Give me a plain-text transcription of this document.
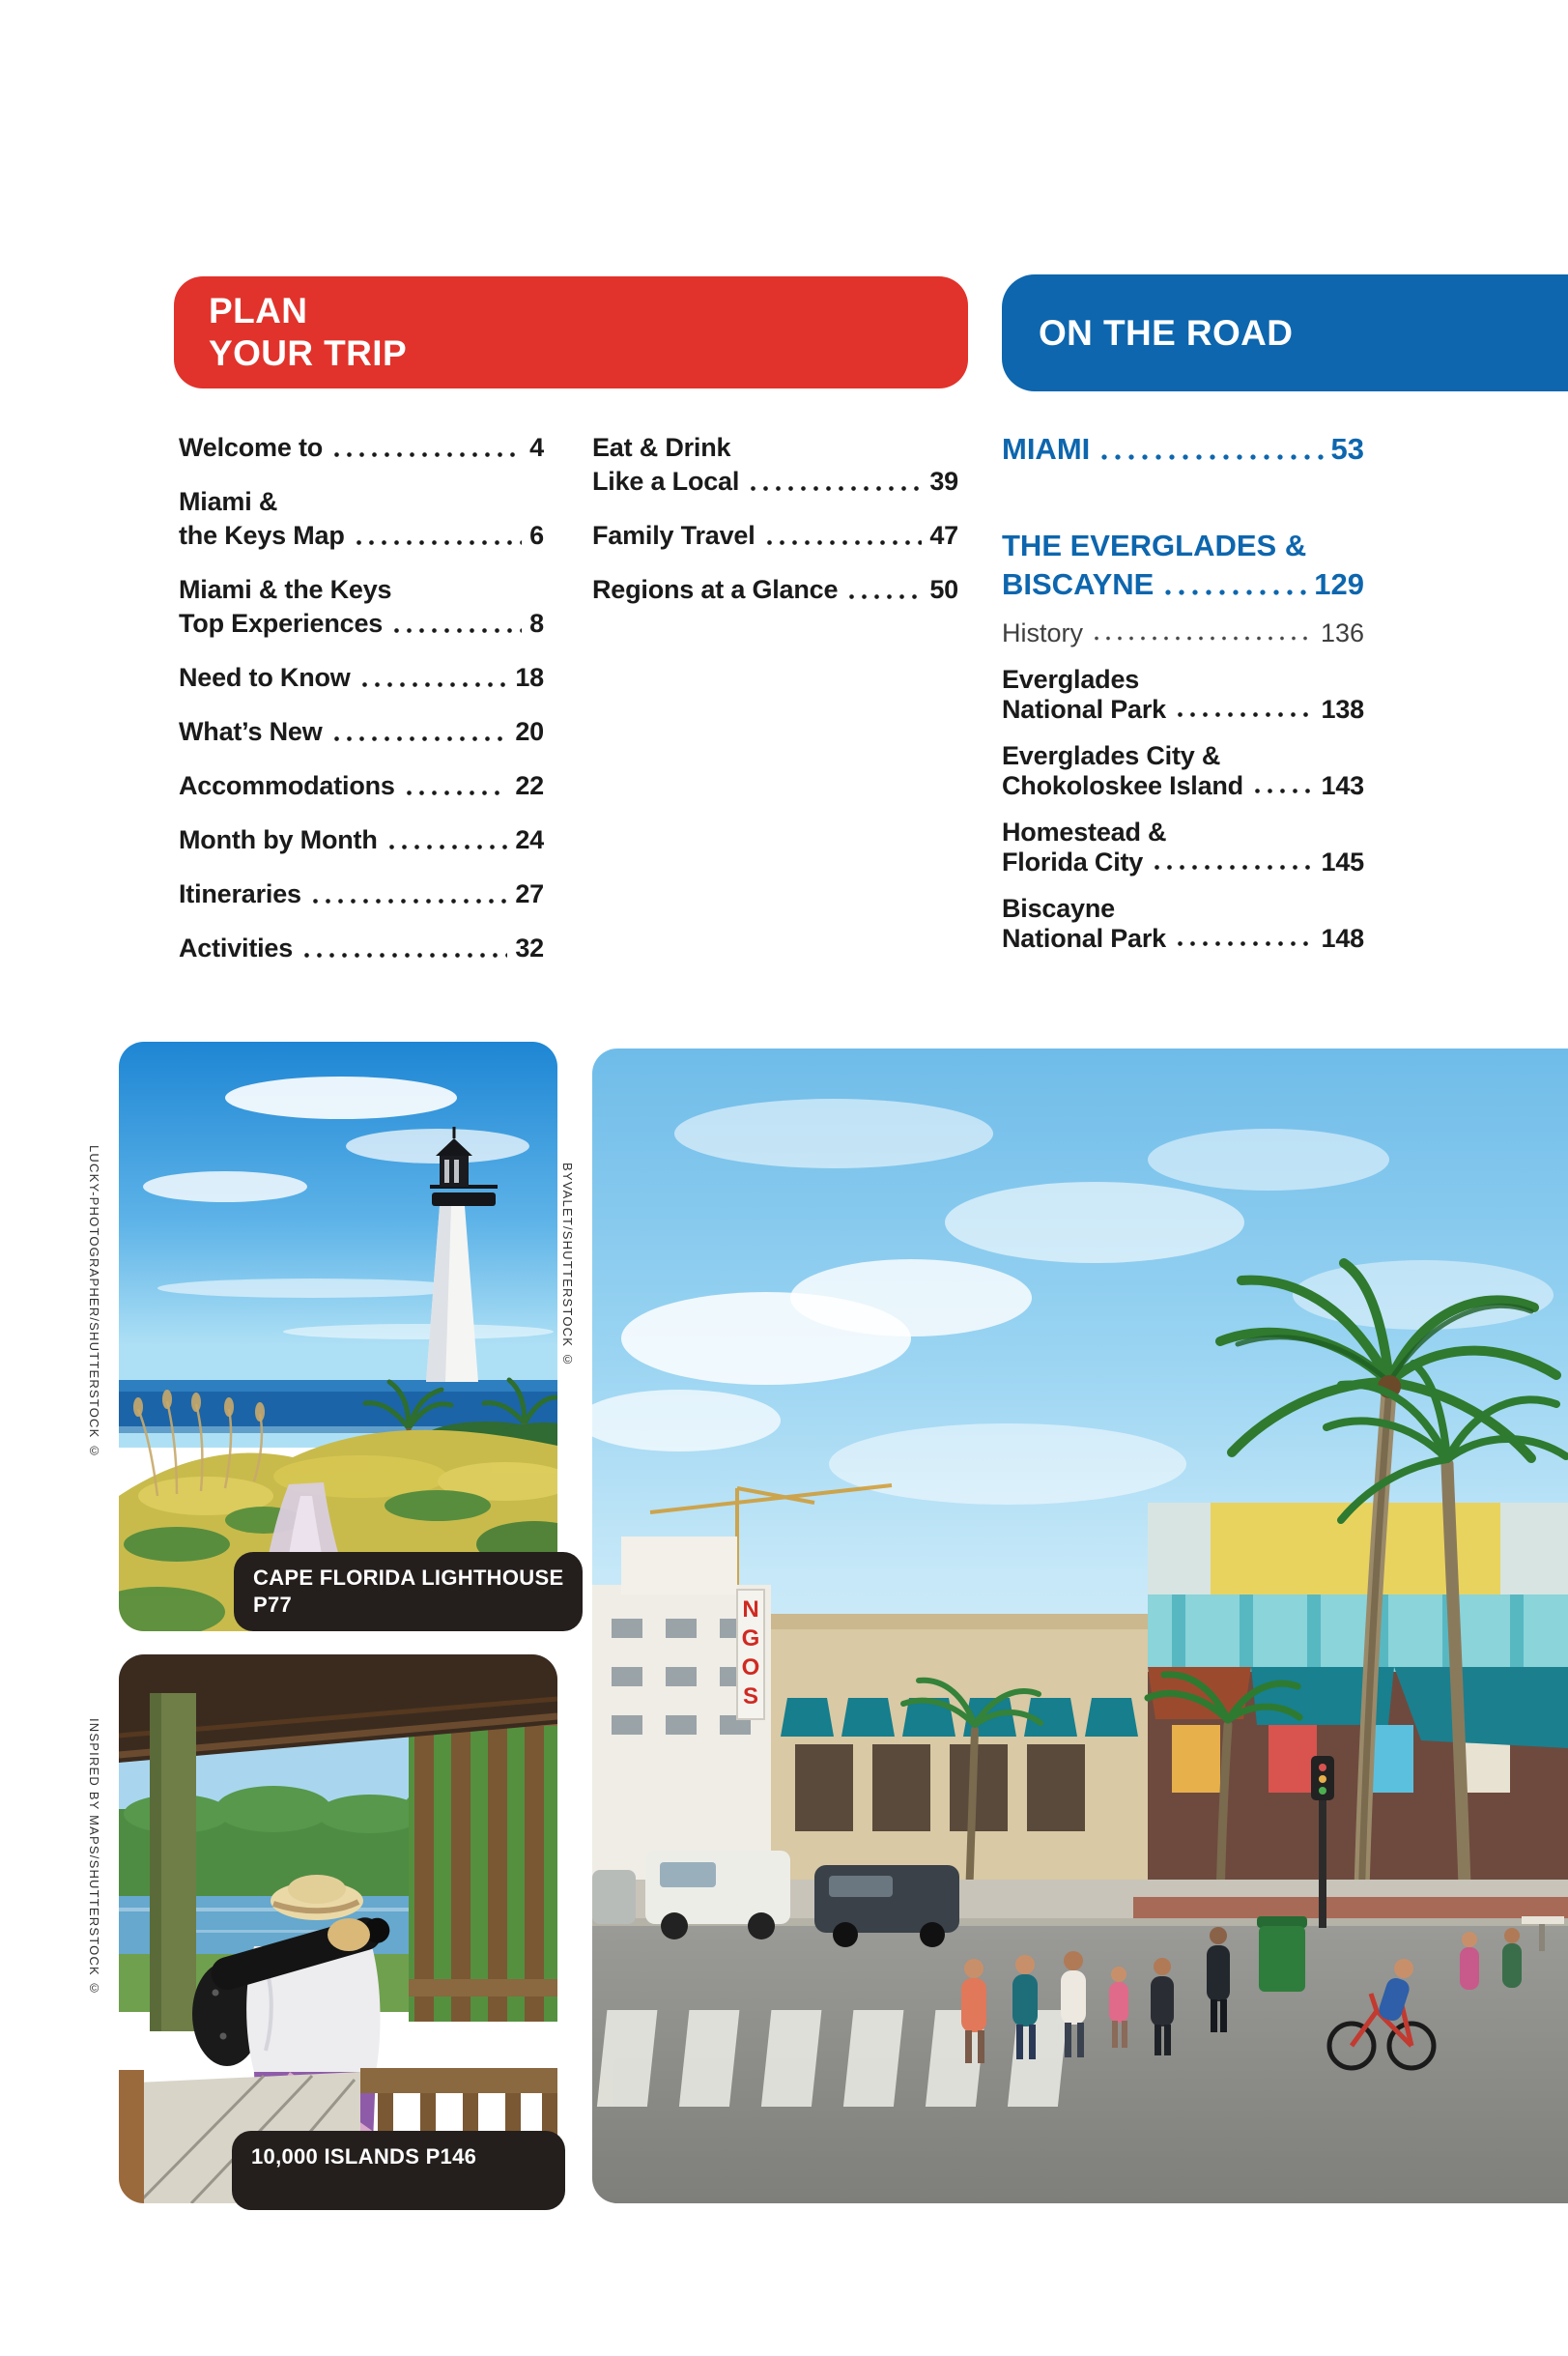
PLAN
YOUR TRIP
ON THE ROAD
Welcome to	4
Miami &
the Keys Map	6
Miami & the Keys
Top Experiences	8
Need to Know	18
What’s New	20
Accommodations	22
Month by Month	24
Itineraries	27
Activities	32
Eat & Drink
Like a Local	39
Family Travel	47
Regions at a Glance	50
MIAMI	53
THE EVERGLADES &
BISCAYNE	129
History	136
Everglades
National Park	138
Everglades City &
Chokoloskee Island	143
Homestead &
Florida City	145
Biscayne
National Park	148
CAPE FLORIDA LIGHTHOUSE
P77
10,000 ISLANDS P146
N G O S
LUCKY-PHOTOGRAPHER/SHUTTERSTOCK ©	BYVALET/SHUTTERSTOCK ©
INSPIRED BY MAPS/SHUTTERSTOCK ©
